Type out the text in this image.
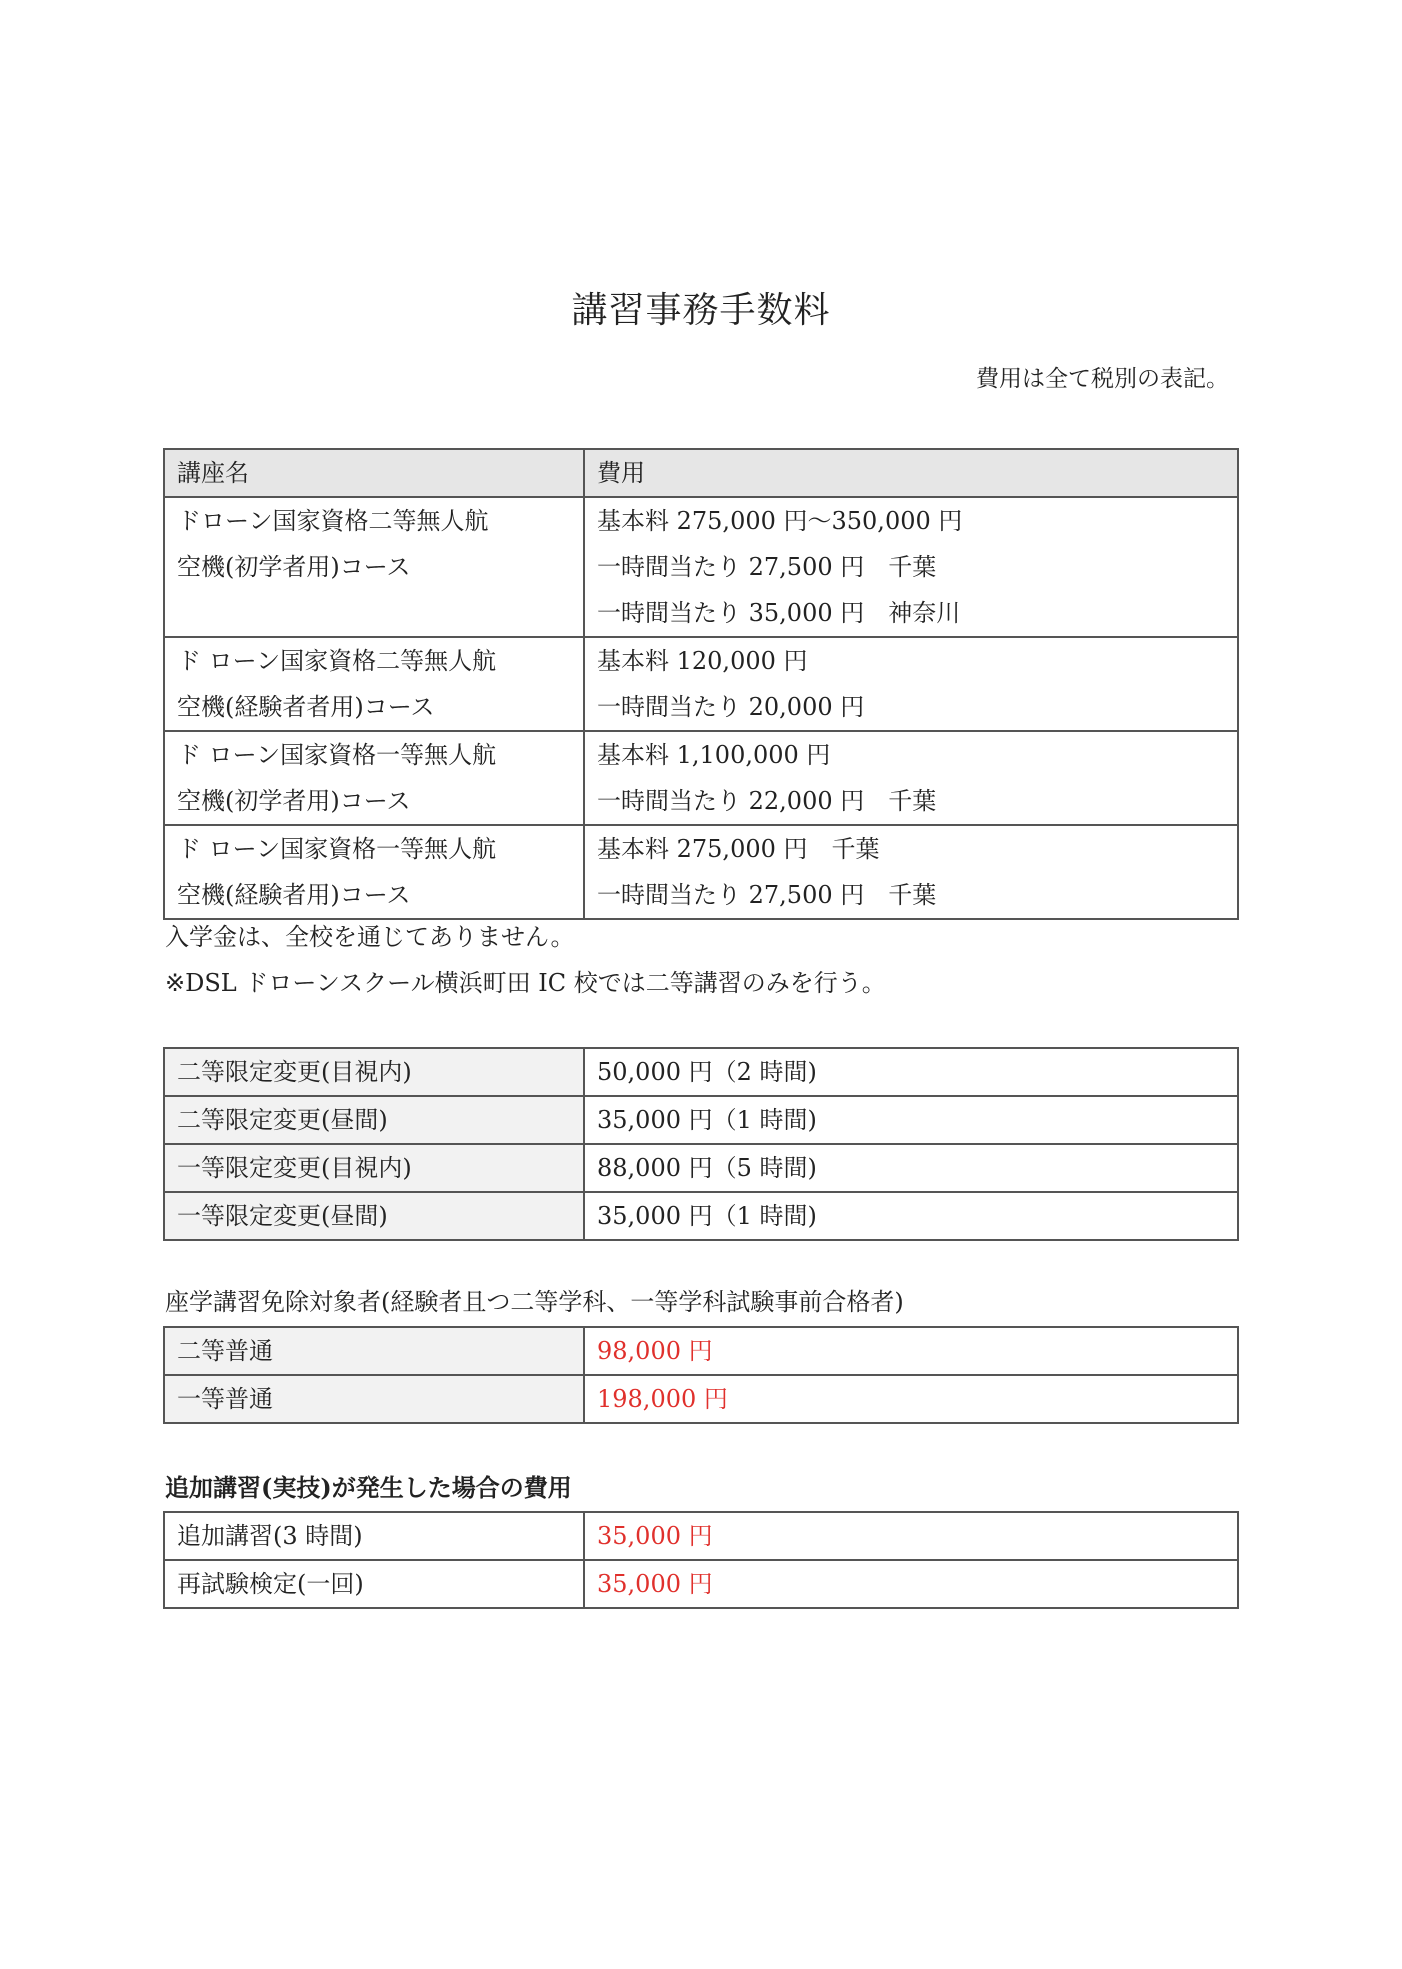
講習事務手数料
費用は全て税別の表記。
講座名	費用

ドローン国家資格二等無人航
空機(初学者用)コース	基本料 275,000 円～350,000 円
一時間当たり 27,500 円　千葉
一時間当たり 35,000 円　神奈川

ド ローン国家資格二等無人航
空機(経験者者用)コース	基本料 120,000 円
一時間当たり 20,000 円

ド ローン国家資格一等無人航
空機(初学者用)コース	基本料 1,100,000 円
一時間当たり 22,000 円　千葉

ド ローン国家資格一等無人航
空機(経験者用)コース	基本料 275,000 円　千葉
一時間当たり 27,500 円　千葉
入学金は、全校を通じてありません。
※DSL ドローンスクール横浜町田 IC 校では二等講習のみを行う。
二等限定変更(目視内)	50,000 円（2 時間)
二等限定変更(昼間)	35,000 円（1 時間)
一等限定変更(目視内)	88,000 円（5 時間)
一等限定変更(昼間)	35,000 円（1 時間)
座学講習免除対象者(経験者且つ二等学科、一等学科試験事前合格者)
二等普通	98,000 円
一等普通	198,000 円
追加講習(実技)が発生した場合の費用
追加講習(3 時間)	35,000 円
再試験検定(一回)	35,000 円
